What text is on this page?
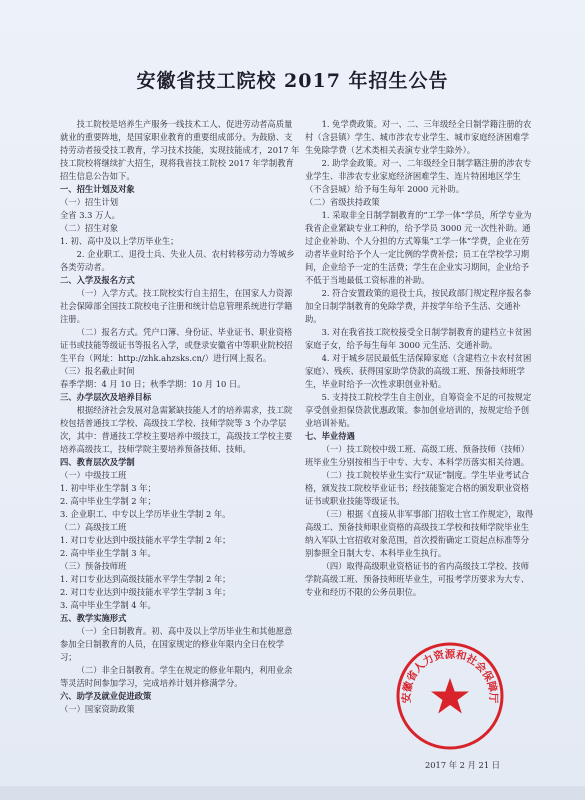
安徽省技工院校 2017 年招生公告
技工院校是培养生产服务一线技术工人、促进劳动者高质量就业的重要阵地，是国家职业教育的重要组成部分。为鼓励、支持劳动者接受技工教育，学习技术技能，实现技能成才，2017 年技工院校将继续扩大招生，现将我省技工院校 2017 年学制教育招生信息公告如下。
一、招生计划及对象
（一）招生计划
全省 3.3 万人。
（二）招生对象
1. 初、高中及以上学历毕业生；
2. 企业职工、退役士兵、失业人员、农村转移劳动力等城乡各类劳动者。
二、入学及报名方式
（一）入学方式。技工院校实行自主招生，在国家人力资源社会保障部全国技工院校电子注册和统计信息管理系统进行学籍注册。
（二）报名方式。凭户口簿、身份证、毕业证书、职业资格证书或技能等级证书等报名入学，或登录安徽省中等职业院校招生平台（网址：http://zhk.ahzsks.cn/）进行网上报名。
（三）报名截止时间
春季学期：4 月 10 日；秋季学期：10 月 10 日。
三、办学层次及培养目标
根据经济社会发展对急需紧缺技能人才的培养需求，技工院校包括普通技工学校、高级技工学校、技师学院等 3 个办学层次，其中：普通技工学校主要培养中级技工，高级技工学校主要培养高级技工，技师学院主要培养预备技师、技师。
四、教育层次及学制
（一）中级技工班
1. 初中毕业生学制 3 年；
2. 高中毕业生学制 2 年；
3. 企业职工、中专以上学历毕业生学制 2 年。
（二）高级技工班
1. 对口专业达到中级技能水平学生学制 2 年；
2. 高中毕业生学制 3 年。
（三）预备技师班
1. 对口专业达到高级技能水平学生学制 2 年；
2. 对口专业达到中级技能水平学生学制 3 年；
3. 高中毕业生学制 4 年。
五、教学实施形式
（一）全日制教育。初、高中及以上学历毕业生和其他愿意参加全日制教育的人员，在国家规定的修业年限内全日在校学习；
（二）非全日制教育。学生在规定的修业年限内，利用业余等灵活时间参加学习，完成培养计划并修满学分。
六、助学及就业促进政策
（一）国家资助政策
1. 免学费政策。对一、二、三年级经全日制学籍注册的农村（含县镇）学生、城市涉农专业学生、城市家庭经济困难学生免除学费（艺术类相关表演专业学生除外）。
2. 助学金政策。对一、二年级经全日制学籍注册的涉农专业学生、非涉农专业家庭经济困难学生、连片特困地区学生（不含县城）给予每生每年 2000 元补助。
（二）省级扶持政策
1. 采取非全日制学制教育的“工学一体”学员，所学专业为我省企业紧缺专业工种的，给予学员 3000 元一次性补助。通过企业补助、个人分担的方式筹集“工学一体”学费，企业在劳动者毕业时给予个人一定比例的学费补偿；员工在学校学习期间，企业给予一定的生活费；学生在企业实习期间，企业给予不低于当地最低工资标准的补助。
2. 符合安置政策的退役士兵，按民政部门规定程序报名参加全日制学制教育的免除学费，并按学年给予生活、交通补助。
3. 对在我省技工院校接受全日制学制教育的建档立卡贫困家庭子女，给予每生每年 3000 元生活、交通补助。
4. 对于城乡居民最低生活保障家庭（含建档立卡农村贫困家庭）、残疾、获得国家助学贷款的高级工班、预备技师班学生，毕业时给予一次性求职创业补贴。
5. 支持技工院校学生自主创业，自筹资金不足的可按规定享受创业担保贷款优惠政策。参加创业培训的，按规定给予创业培训补贴。
七、毕业待遇
（一）技工院校中级工班、高级工班、预备技师（技师）班毕业生分别按相当于中专、大专、本科学历落实相关待遇。
（二）技工院校毕业生实行“双证”制度。学生毕业考试合格，颁发技工院校毕业证书；经技能鉴定合格的颁发职业资格证书或职业技能等级证书。
（三）根据《直接从非军事部门招收士官工作规定》，取得高级工、预备技师职业资格的高级技工学校和技师学院毕业生纳入军队士官招收对象范围，首次授衔确定工资起点标准等分别参照全日制大专、本科毕业生执行。
（四）取得高级职业资格证书的省内高级技工学校、技师学院高级工班、预备技师班毕业生，可报考学历要求为大专、专业和经历不限的公务员职位。
安徽省人力资源和社会保障厅
2017 年 2 月 21 日
